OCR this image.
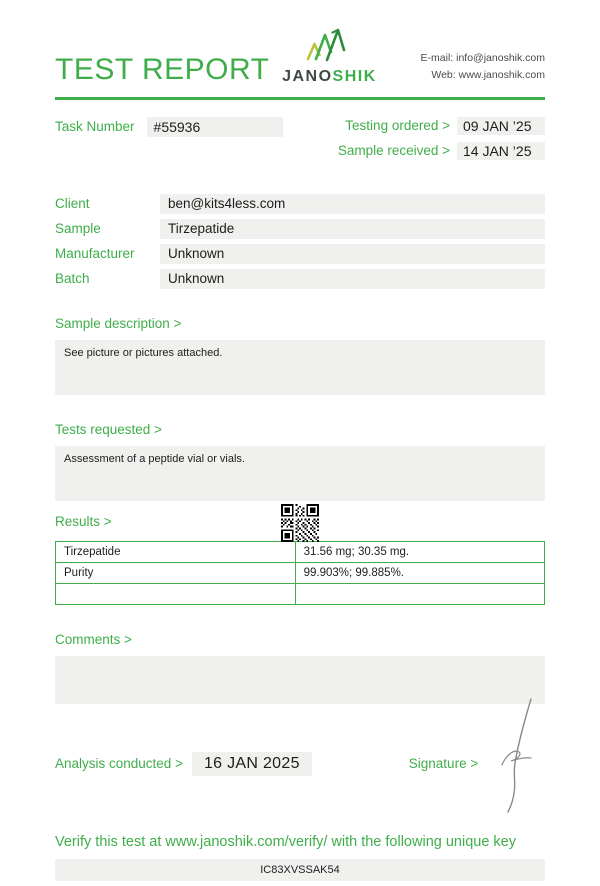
TEST REPORT JANOSHIK
E-mail: info@janoshik.com
Web: www.janoshik.com
Task Number	#55936	Testing ordered > 09 JAN ’25
Sample received > 14 JAN ’25
Client	ben@kits4less.com
Sample	Tirzepatide
Manufacturer	Unknown
Batch	Unknown
Sample description >
See picture or pictures attached.
Tests requested >
Assessment of a peptide vial or vials.
Results >
Tirzepatide	31.56 mg; 30.35 mg.
Purity	99.903%; 99.885%.

Comments >
Analysis conducted >	16 JAN 2025	Signature >
Verify this test at www.janoshik.com/verify/ with the following unique key
IC83XVSSAK54
